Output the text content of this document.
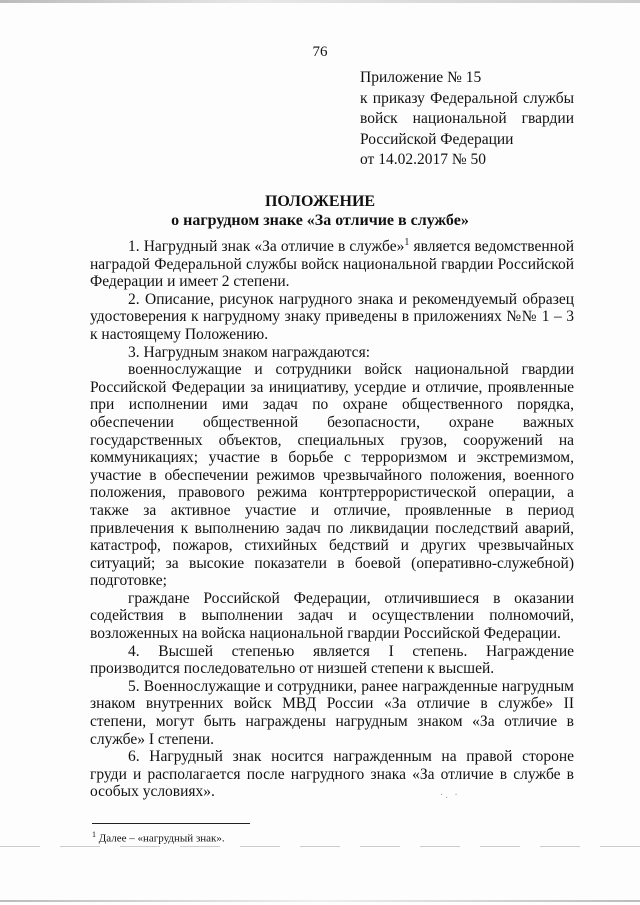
76
Приложение № 15
к приказу Федеральной службы
войск национальной гвардии
Российской Федерации
от 14.02.2017 № 50
ПОЛОЖЕНИЕ
о нагрудном знаке «За отличие в службе»

1. Нагрудный знак «За отличие в службе»$^1$ является ведомственной наградой Федеральной службы войск национальной гвардии Российской Федерации и имеет 2 степени.

2. Описание, рисунок нагрудного знака и рекомендуемый образец удостоверения к нагрудному знаку приведены в приложениях №№ 1 – 3 к настоящему Положению.

3. Нагрудным знаком награждаются:

военнослужащие и сотрудники войск национальной гвардии Российской Федерации за инициативу, усердие и отличие, проявленные при исполнении ими задач по охране общественного порядка, обеспечении общественной безопасности, охране важных государственных объектов, специальных грузов, сооружений на коммуникациях; участие в борьбе с терроризмом и экстремизмом, участие в обеспечении режимов чрезвычайного положения, военного положения, правового режима контртеррористической операции, а также за активное участие и отличие, проявленные в период привлечения к выполнению задач по ликвидации последствий аварий, катастроф, пожаров, стихийных бедствий и других чрезвычайных ситуаций; за высокие показатели в боевой (оперативно-служебной) подготовке;

граждане Российской Федерации, отличившиеся в оказании содействия в выполнении задач и осуществлении полномочий, возложенных на войска национальной гвардии Российской Федерации.

4. Высшей степенью является I степень. Награждение производится последовательно от низшей степени к высшей.

5. Военнослужащие и сотрудники, ранее награжденные нагрудным знаком внутренних войск МВД России «За отличие в службе» II степени, могут быть награждены нагрудным знаком «За отличие в службе» I степени.

6. Нагрудный знак носится награжденным на правой стороне груди и располагается после нагрудного знака «За отличие в службе в особых условиях».	·. ·
$^1$ Далее – «нагрудный знак».
